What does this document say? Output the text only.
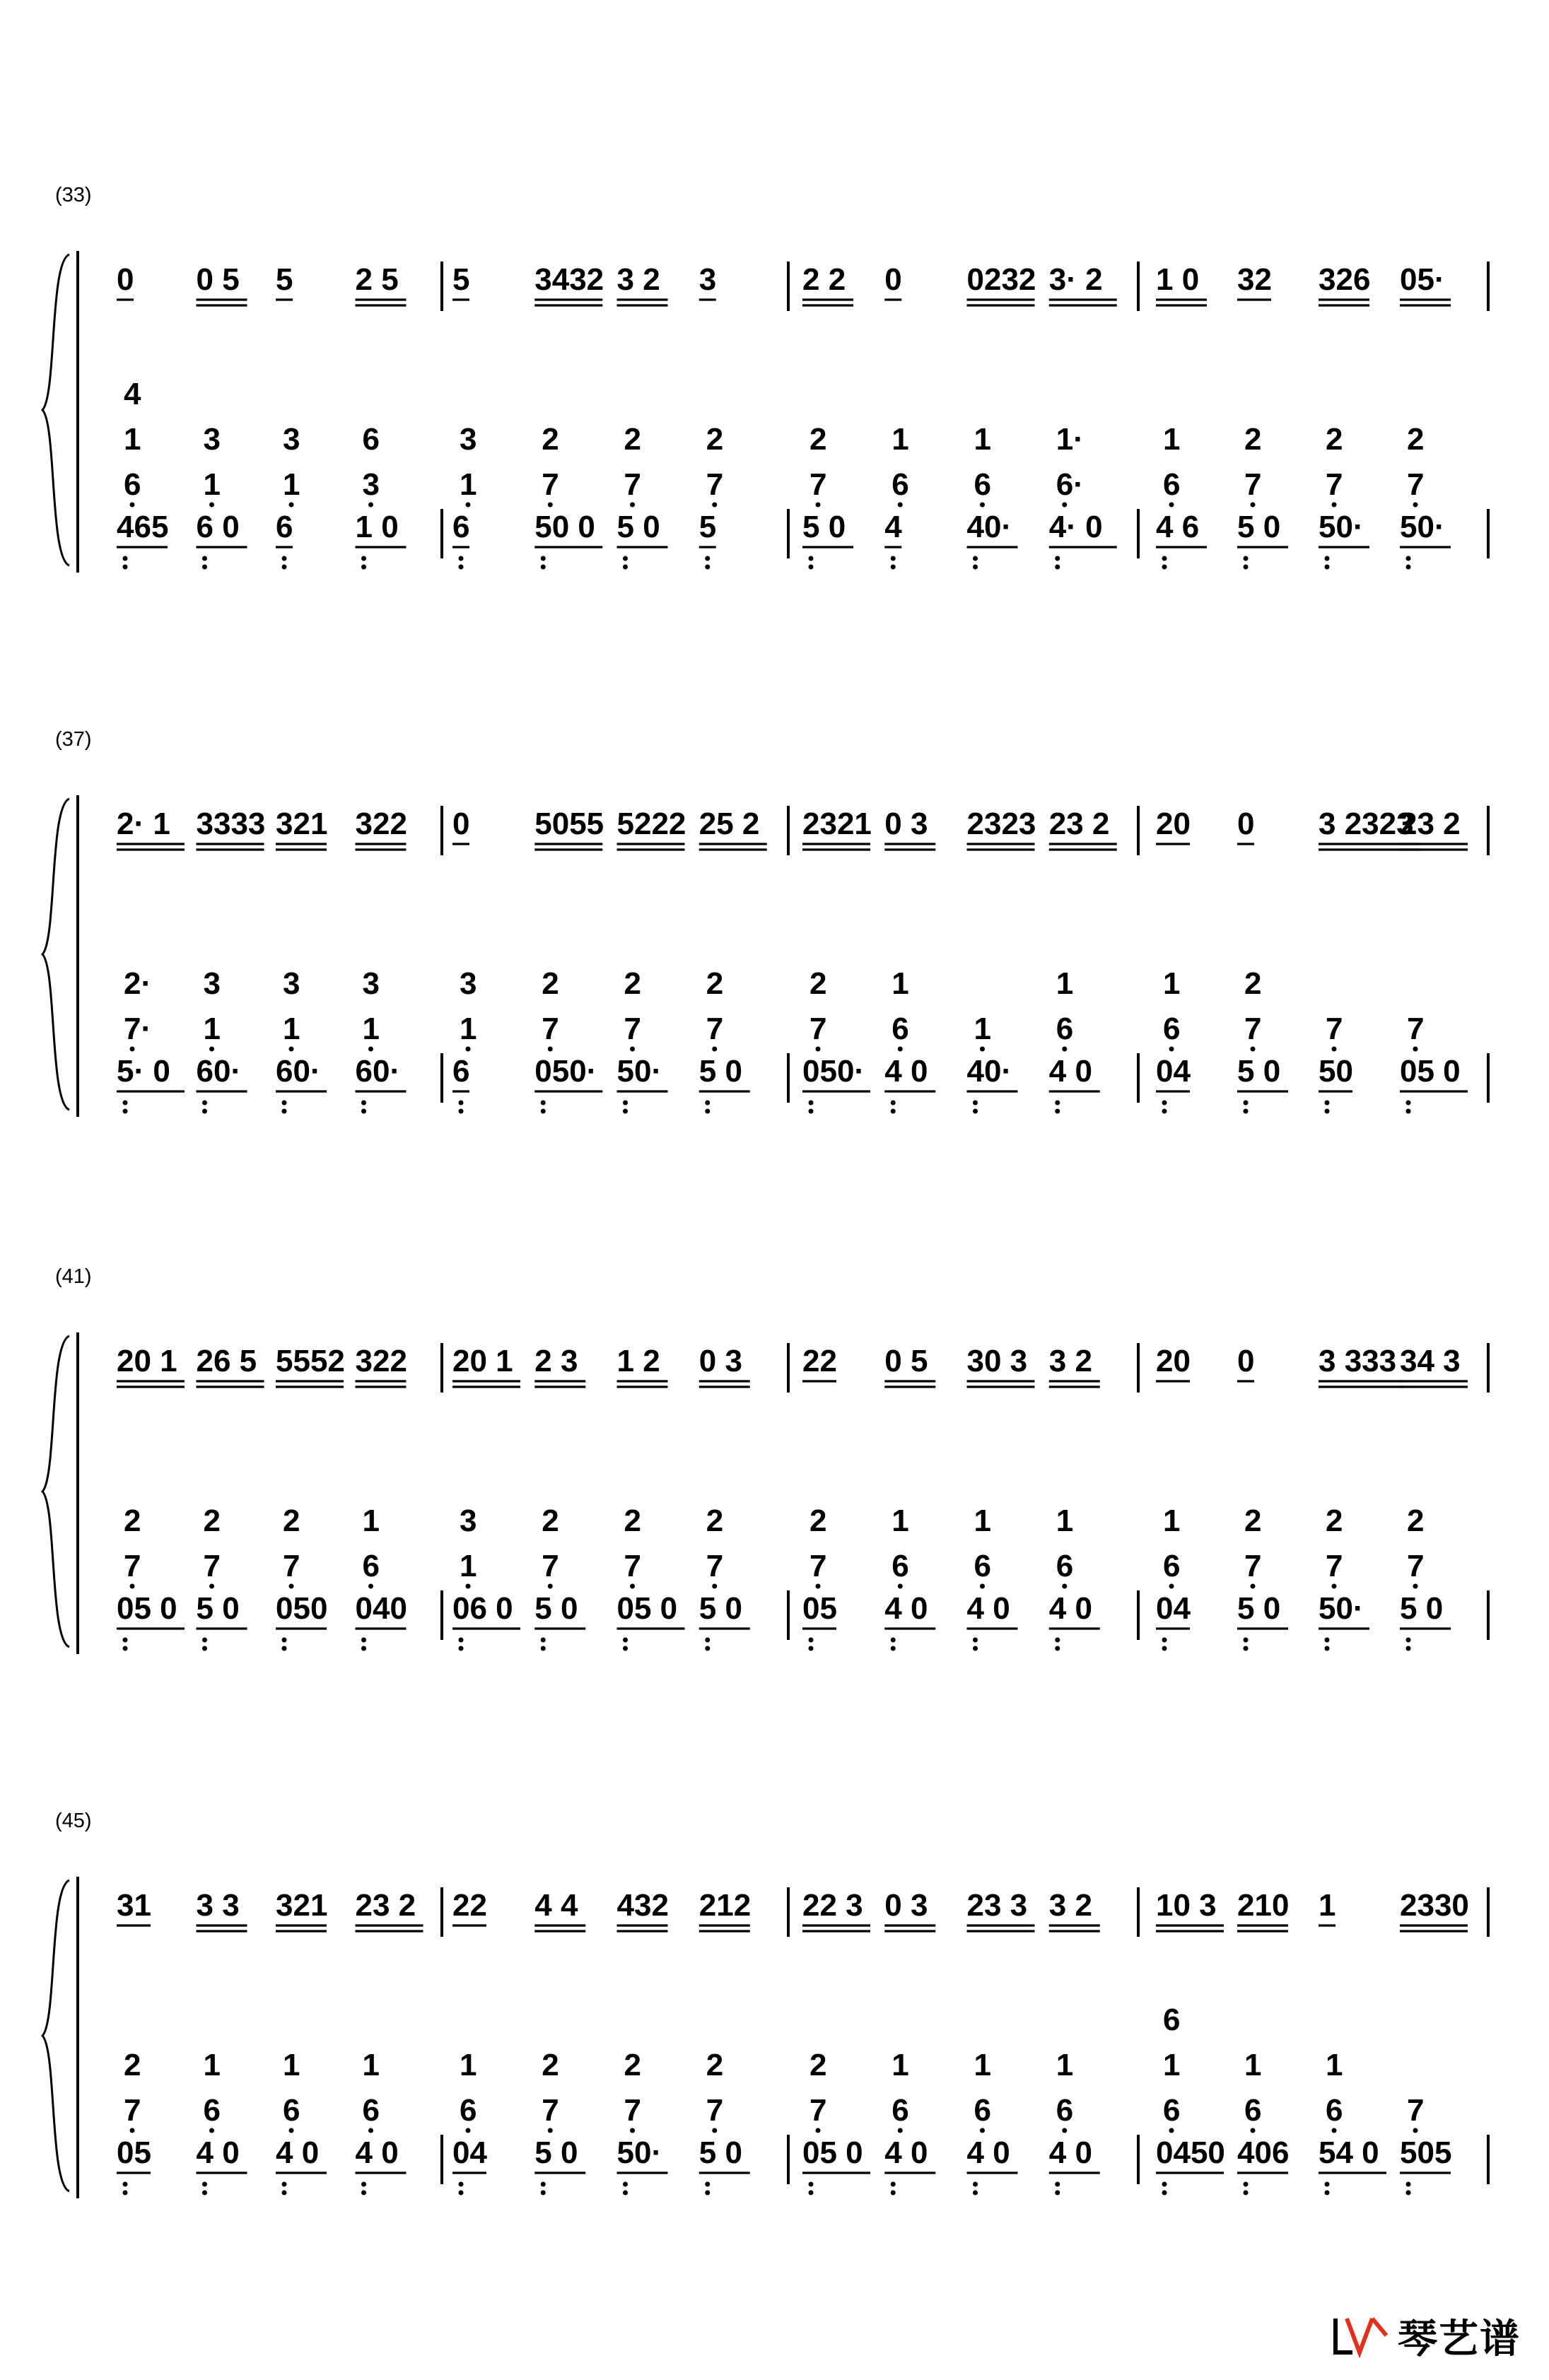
(33)
0 0 5 5 2 5
4
1
6
3
1
3
1
6
3
465 6 0 6 1 0
5 3432 3 2 3
3
1
2
7
2
7
2
7
6 50 0 5 0 5
2 2 0 0232 3· 2
2
7
1
6
1
6
1·
6·
5 0 4 40· 4· 0
1 0 32 326 05·
1
6
2
7
2
7
2
7
4 6 5 0 50· 50·
(37)
2· 1 3333 321 322
2·
7·
3
1
3
1
3
1
5· 0 60· 60· 60·
0 5055 5222 25 2
3
1
2
7
2
7
2
7
6 050· 50· 5 0
2321 0 3 2323 23 2
2
7
1
6 1
1
6
050· 4 0 40· 4 0
20 0 3 2323
23 2
1
6
2
7 7 7
04 5 0 50 05 0
(41)
20 1 26 5 5552 322
2
7
2
7
2
7
1
6
05 0 5 0 050 040
20 1 2 3 1 2 0 3
3
1
2
7
2
7
2
7
06 0 5 0 05 0 5 0
22 0 5 30 3 3 2
2
7
1
6
1
6
1
6
05 4 0 4 0 4 0
20 0 3 333 34 3
1
6
2
7
2
7
2
7
04 5 0 50· 5 0
(45)
31 3 3 321 23 2
2
7
1
6
1
6
1
6
05 4 0 4 0 4 0
22 4 4 432 212
1
6
2
7
2
7
2
7
04 5 0 50· 5 0
22 3 0 3 23 3 3 2
2
7
1
6
1
6
1
6
05 0 4 0 4 0 4 0
10 3 210 1 2330
6
1
6
1
6
1
6 7
0450 406 54 0 505
琴艺谱
